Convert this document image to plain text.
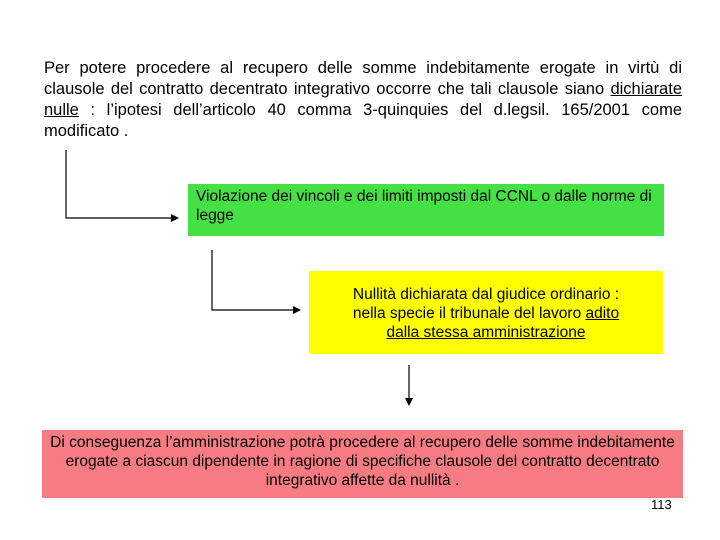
Per potere procedere al recupero delle somme indebitamente erogate in virtù di clausole del contratto decentrato integrativo occorre che tali clausole siano dichiarate nulle : l’ipotesi dell’articolo 40 comma 3-quinquies del d.legsil. 165/2001 come modificato .

Violazione dei vincoli e dei limiti imposti dal CCNL o dalle norme di legge
Nullità dichiarata dal giudice ordinario :
nella specie il tribunale del lavoro adito
dalla stessa amministrazione
Di conseguenza l’amministrazione potrà procedere al recupero delle somme indebitamente erogate a ciascun dipendente in ragione di specifiche clausole del contratto decentrato integrativo affette da nullità .
113
